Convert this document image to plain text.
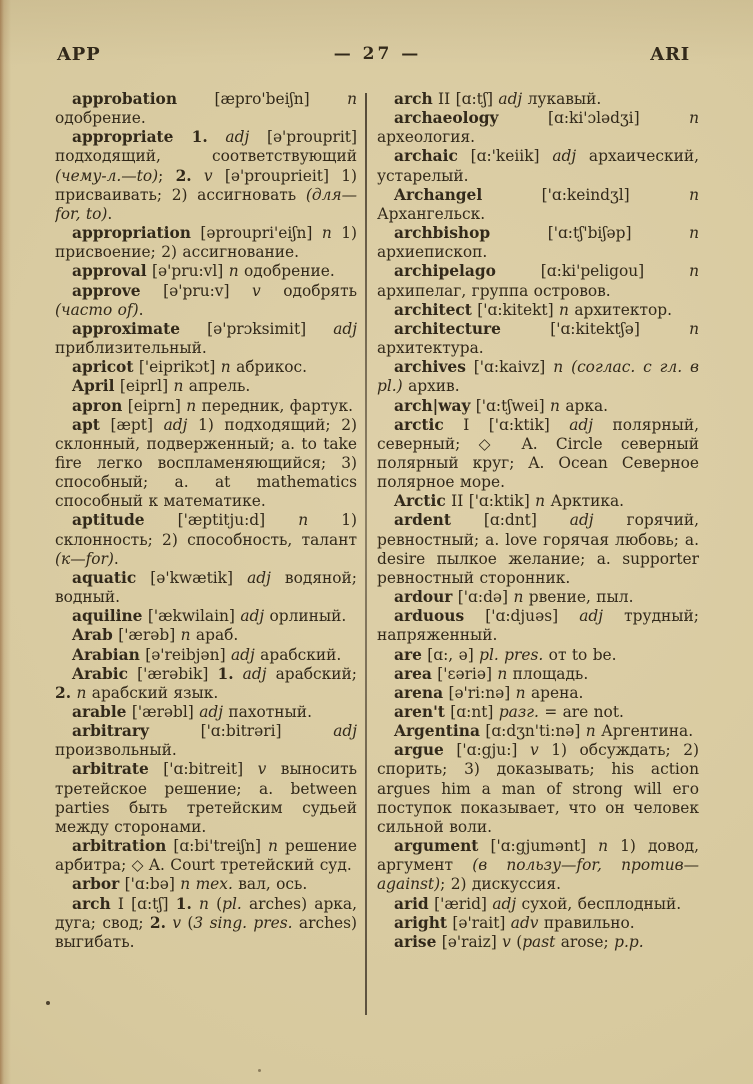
APP	— 27 —	ARI

approbation [æpro'beiʃn] n одобрение.

appropriate 1. adj [ə'prouprit] подходящий, соответствующий (чему-л.—to); 2. v [ə'prouprieit] 1) присваивать; 2) ассигновать (для—for, to).

appropriation [əproupri'eiʃn] n 1) присвоение; 2) ассигнование.

approval [ə'pru:vl] n одобрение.

approve [ə'pru:v] v одобрять (часто of).

approximate [ə'prɔksimit] adj приблизительный.

apricot ['eiprikɔt] n абрикос.

April [eiprl] n апрель.

apron [eiprn] n передник, фартук.

apt [æpt] adj 1) подходящий; 2) склонный, подверженный; a. to take fire легко воспламеняющийся; 3) способный; a. at mathematics способный к математике.

aptitude ['æptitju:d] n 1) склонность; 2) способность, талант (к—for).

aquatic [ə'kwætik] adj водяной; водный.

aquiline ['ækwilain] adj орлиный.

Arab ['ærəb] n араб.

Arabian [ə'reibjən] adj арабский.

Arabic ['ærəbik] 1. adj арабский; 2. n арабский язык.

arable ['ærəbl] adj пахотный.

arbitrary ['ɑ:bitrəri] adj произвольный.

arbitrate ['ɑ:bitreit] v выносить третейское решение; a. between parties быть третейским судьей между сторонами.

arbitration [ɑ:bi'treiʃn] n решение арбитра; ◇ A. Court третейский суд.

arbor ['ɑ:bə] n тех. вал, ось.

arch I [ɑ:tʃ] 1. n (pl. arches) арка, дуга; свод; 2. v (3 sing. pres. arches) выгибать.

arch II [ɑ:tʃ] adj лукавый.

archaeology [ɑ:ki'ɔlədʒi] n археология.

archaic [ɑ:'keiik] adj архаический, устарелый.

Archangel ['ɑ:keindʒl] n Архангельск.

archbishop ['ɑ:tʃ'biʃəp] n архиепископ.

archipelago [ɑ:ki'peligou] n архипелаг, группа островов.

architect ['ɑ:kitekt] n архитектор.

architecture ['ɑ:kitektʃə] n архитектура.

archives ['ɑ:kaivz] n (соглас. с гл. в pl.) архив.

arch|way ['ɑ:tʃwei] n арка.

arctic I ['ɑ:ktik] adj полярный, северный; ◇ A. Circle северный полярный круг; A. Ocean Северное полярное море.

Arctic II ['ɑ:ktik] n Арктика.

ardent [ɑ:dnt] adj горячий, ревностный; a. love горячая любовь; a. desire пылкое желание; a. supporter ревностный сторонник.

ardour ['ɑ:də] n рвение, пыл.

arduous ['ɑ:djuəs] adj трудный; напряженный.

are [ɑ:, ə] pl. pres. от to be.

area ['ɛəriə] n площадь.

arena [ə'ri:nə] n арена.

aren't [ɑ:nt] разг. = are not.

Argentina [ɑ:dʒn'ti:nə] n Аргентина.

argue ['ɑ:gju:] v 1) обсуждать; 2) спорить; 3) доказывать; his action argues him a man of strong will его поступок показывает, что он человек сильной воли.

argument ['ɑ:gjumənt] n 1) довод, аргумент (в пользу—for, против—against); 2) дискуссия.

arid ['ærid] adj сухой, бесплодный.

aright [ə'rait] adv правильно.

arise [ə'raiz] v (past arose; p.p.
